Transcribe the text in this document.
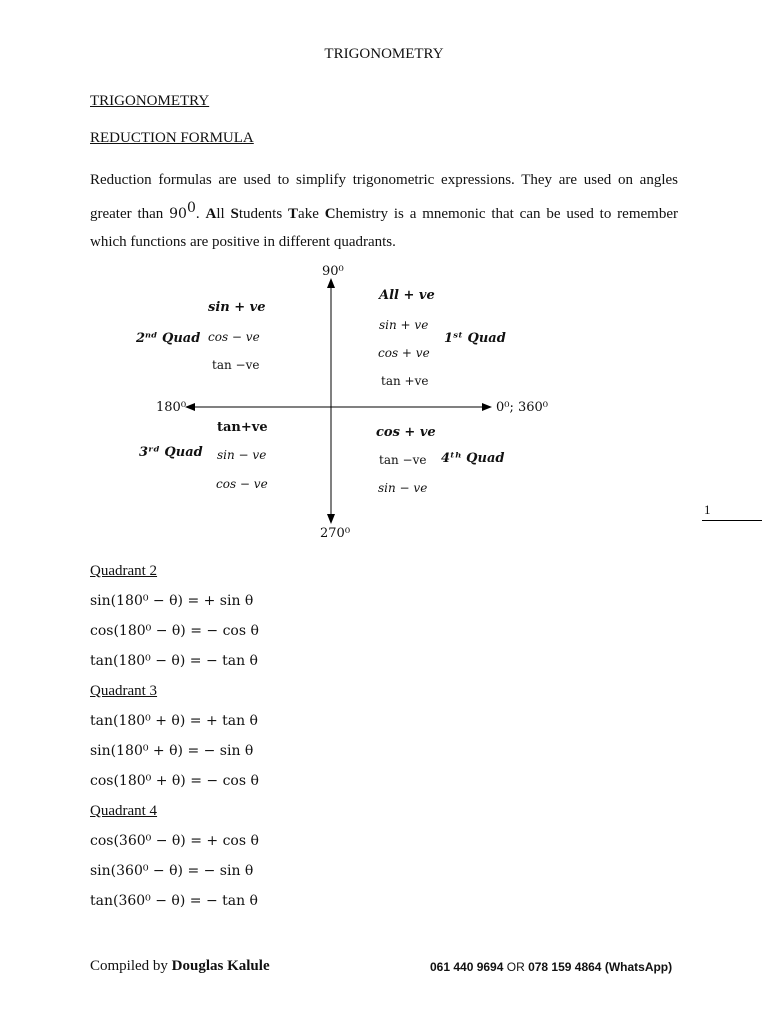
TRIGONOMETRY
TRIGONOMETRY
REDUCTION FORMULA
Reduction formulas are used to simplify trigonometric expressions. They are used on angles greater than $90^0$. All Students Take Chemistry is a mnemonic that can be used to remember which functions are positive in different quadrants.
90⁰
180⁰	0⁰; 360⁰
270⁰
All + ve
sin + ve
cos + ve
tan +ve
1ˢᵗ Quad
sin + ve
cos − ve
tan −ve
2ⁿᵈ Quad
tan+ve
sin − ve
cos − ve
3ʳᵈ Quad
cos + ve
tan −ve
sin − ve
4ᵗʰ Quad
1
Quadrant 2
sin(180⁰ − θ) = + sin θ
cos(180⁰ − θ) = − cos θ
tan(180⁰ − θ) = − tan θ
Quadrant 3
tan(180⁰ + θ) = + tan θ
sin(180⁰ + θ) = − sin θ
cos(180⁰ + θ) = − cos θ
Quadrant 4
cos(360⁰ − θ) = + cos θ
sin(360⁰ − θ) = − sin θ
tan(360⁰ − θ) = − tan θ
Compiled by Douglas Kalule	061 440 9694 OR 078 159 4864 (WhatsApp)
